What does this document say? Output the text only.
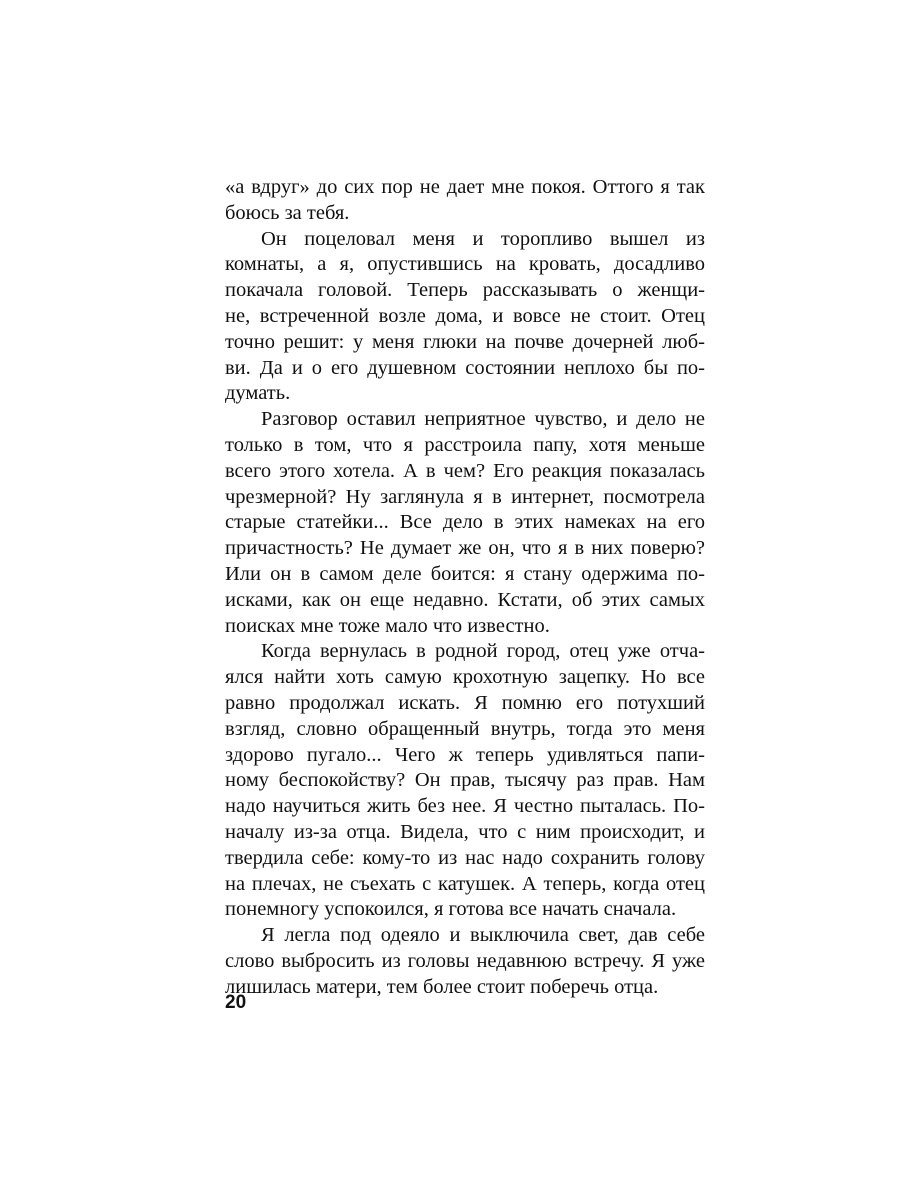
«а вдруг» до сих пор не дает мне покоя. Оттого я так
боюсь за тебя.
Он поцеловал меня и торопливо вышел из
комнаты, а я, опустившись на кровать, досадливо
покачала головой. Теперь рассказывать о женщи-
не, встреченной возле дома, и вовсе не стоит. Отец
точно решит: у меня глюки на почве дочерней люб-
ви. Да и о его душевном состоянии неплохо бы по-
думать.
Разговор оставил неприятное чувство, и дело не
только в том, что я расстроила папу, хотя меньше
всего этого хотела. А в чем? Его реакция показалась
чрезмерной? Ну заглянула я в интернет, посмотрела
старые статейки... Все дело в этих намеках на его
причастность? Не думает же он, что я в них поверю?
Или он в самом деле боится: я стану одержима по-
исками, как он еще недавно. Кстати, об этих самых
поисках мне тоже мало что известно.
Когда вернулась в родной город, отец уже отча-
ялся найти хоть самую крохотную зацепку. Но все
равно продолжал искать. Я помню его потухший
взгляд, словно обращенный внутрь, тогда это меня
здорово пугало... Чего ж теперь удивляться папи-
ному беспокойству? Он прав, тысячу раз прав. Нам
надо научиться жить без нее. Я честно пыталась. По-
началу из-за отца. Видела, что с ним происходит, и
твердила себе: кому-то из нас надо сохранить голову
на плечах, не съехать с катушек. А теперь, когда отец
понемногу успокоился, я готова все начать сначала.
Я легла под одеяло и выключила свет, дав себе
слово выбросить из головы недавнюю встречу. Я уже
лишилась матери, тем более стоит поберечь отца.
20
